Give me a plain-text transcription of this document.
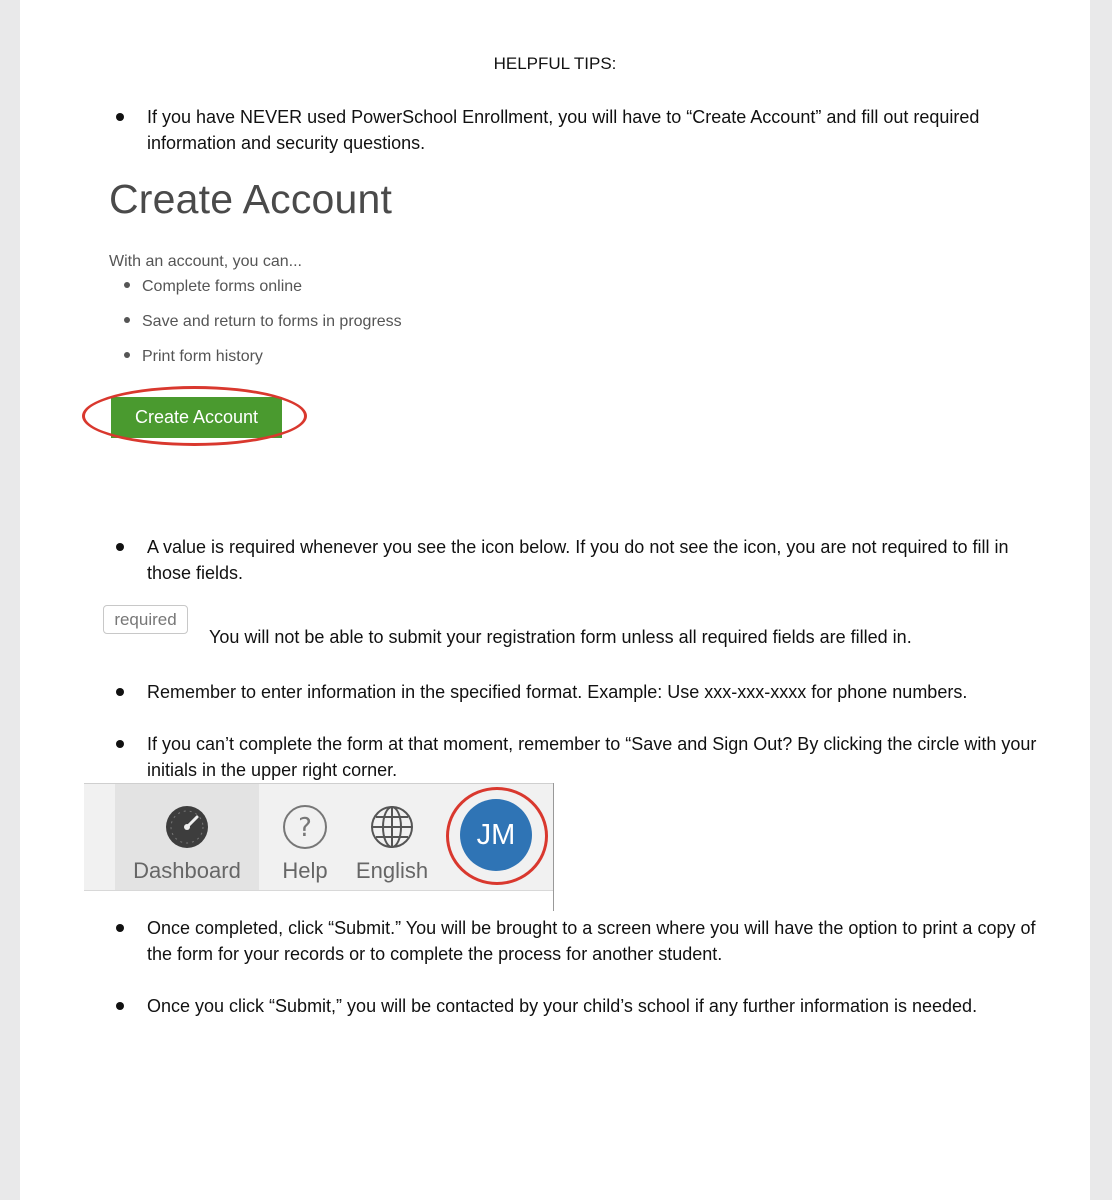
HELPFUL TIPS:
If you have NEVER used PowerSchool Enrollment, you will have to “Create Account” and fill out required information and security questions.
Create Account
With an account, you can...
Complete forms online
Save and return to forms in progress
Print form history
Create Account
A value is required whenever you see the icon below. If you do not see the icon, you are not required to fill in those fields.
required
You will not be able to submit your registration form unless all required fields are filled in.
Remember to enter information in the specified format. Example: Use xxx-xxx-xxxx for phone numbers.
If you can’t complete the form at that moment, remember to “Save and Sign Out? By clicking the circle with your initials in the upper right corner.
Dashboard
?
Help	English
JM
Once completed, click “Submit.” You will be brought to a screen where you will have the option to print a copy of the form for your records or to complete the process for another student.
Once you click “Submit,” you will be contacted by your child’s school if any further information is needed.
